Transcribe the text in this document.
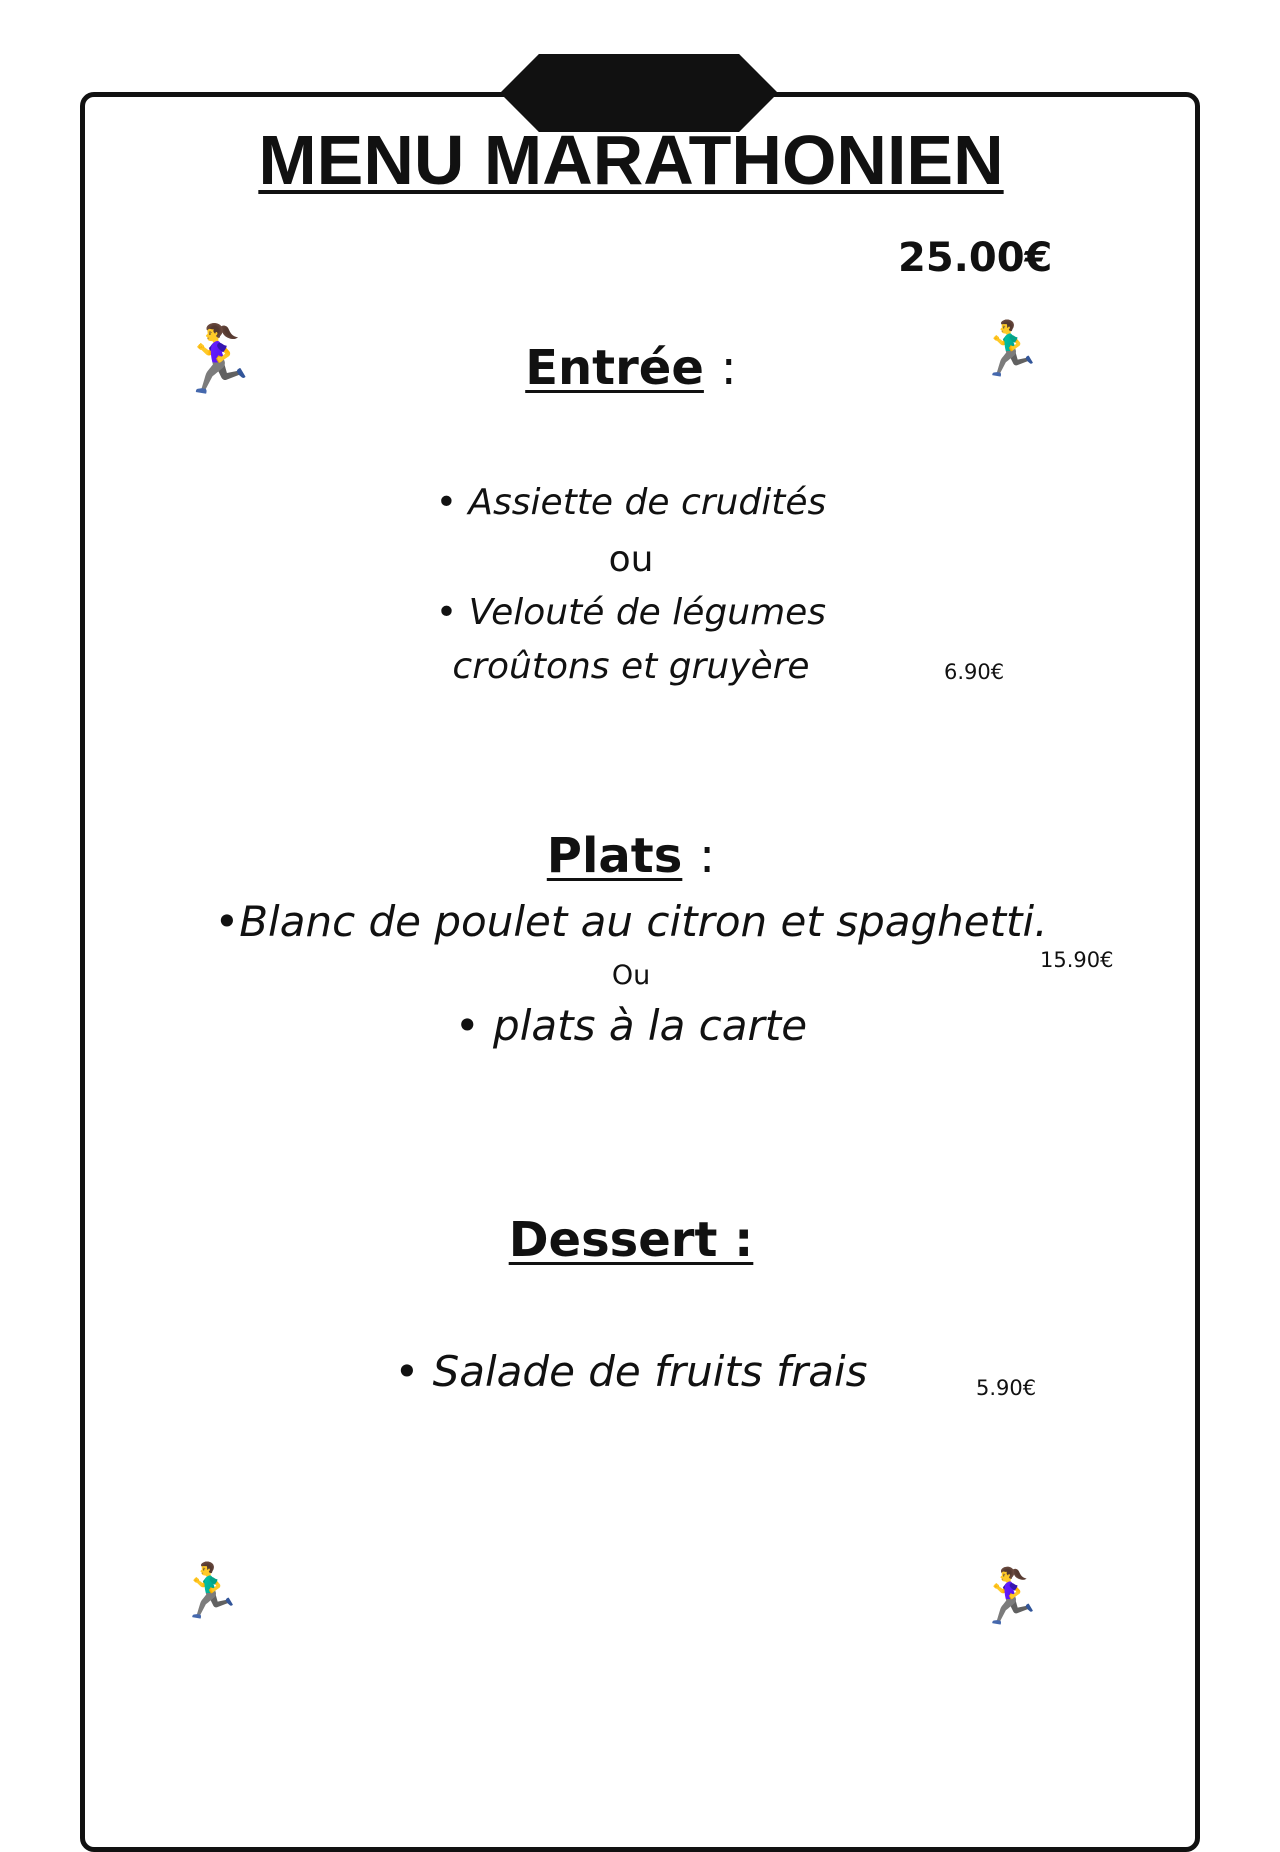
MENU MARATHONIEN
25.00€
🏃‍♀️	🏃‍♂️
Entrée :
• Assiette de crudités
ou
• Velouté de légumes
croûtons et gruyère	6.90€
Plats :
•Blanc de poulet au citron et spaghetti.
15.90€
Ou
• plats à la carte
Dessert :
• Salade de fruits frais	5.90€
🏃‍♂️	🏃‍♀️
